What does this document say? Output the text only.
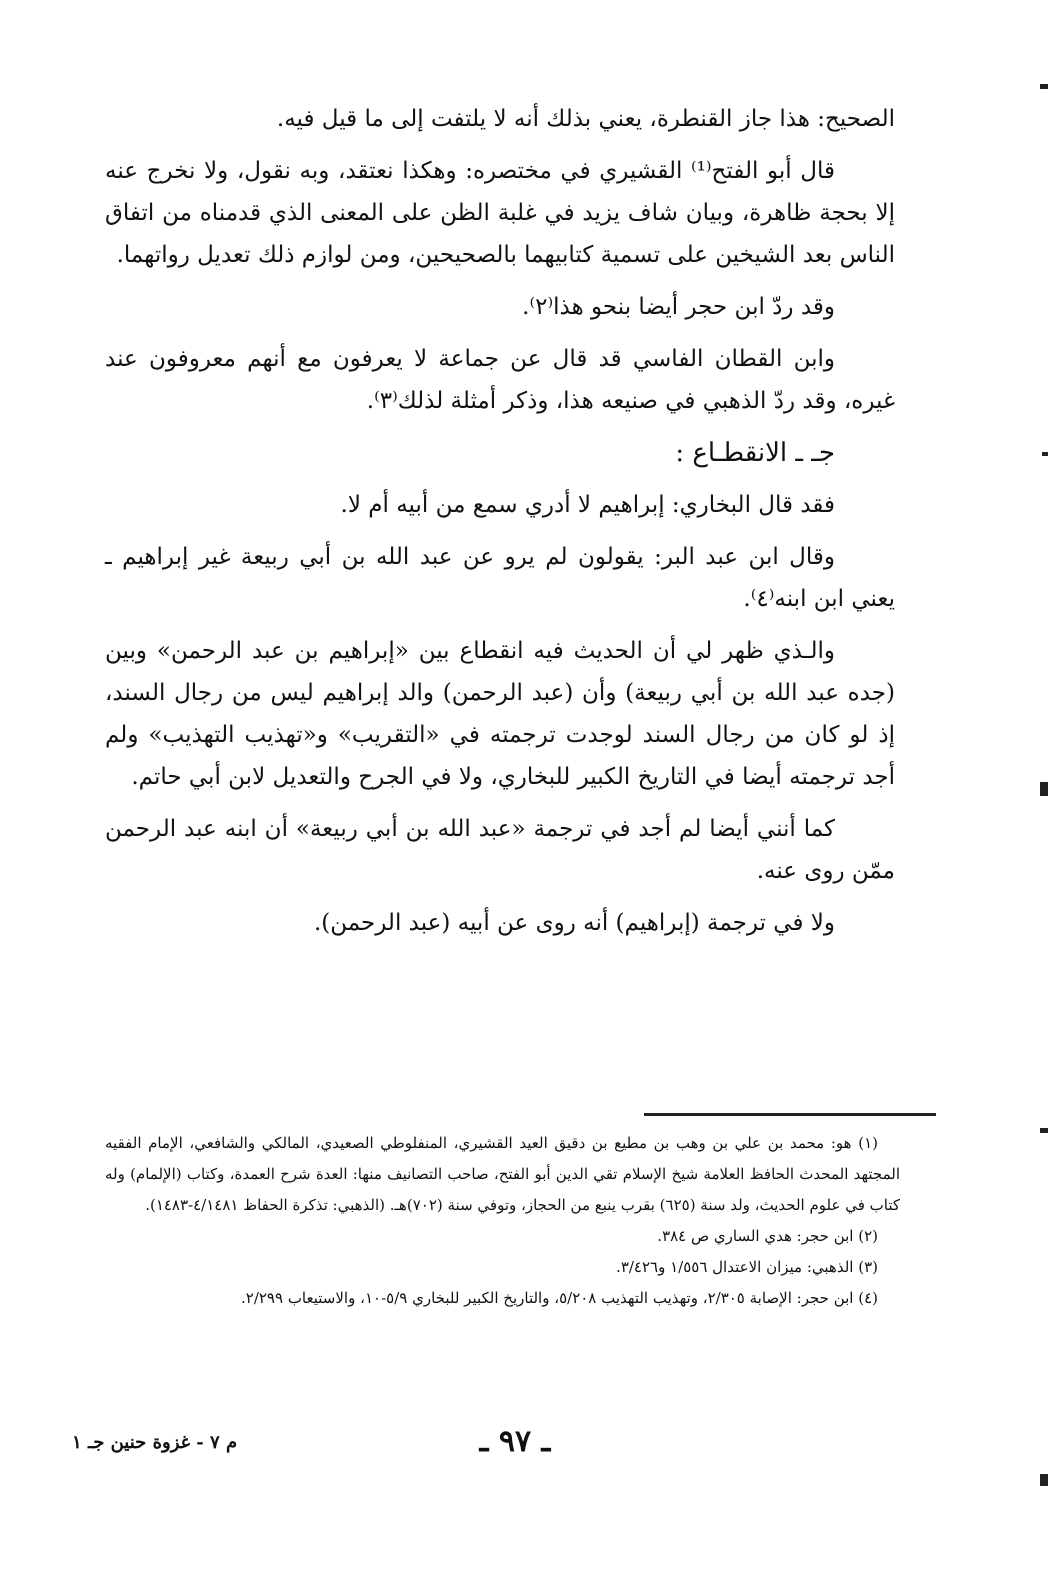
الصحيح: هذا جاز القنطرة، يعني بذلك أنه لا يلتفت إلى ما قيل فيه.

قال أبو الفتح⁽¹⁾ القشيري في مختصره: وهكذا نعتقد، وبه نقول، ولا نخرج عنه إلا بحجة ظاهرة، وبيان شاف يزيد في غلبة الظن على المعنى الذي قدمناه من اتفاق الناس بعد الشيخين على تسمية كتابيهما بالصحيحين، ومن لوازم ذلك تعديل رواتهما.

وقد ردّ ابن حجر أيضا بنحو هذا⁽٢⁾.

وابن القطان الفاسي قد قال عن جماعة لا يعرفون مع أنهم معروفون عند غيره، وقد ردّ الذهبي في صنيعه هذا، وذكر أمثلة لذلك⁽٣⁾.

جـ ـ الانقطـاع :

فقد قال البخاري: إبراهيم لا أدري سمع من أبيه أم لا.

وقال ابن عبد البر: يقولون لم يرو عن عبد الله بن أبي ربيعة غير إبراهيم ـ يعني ابن ابنه⁽٤⁾.

والـذي ظهر لي أن الحديث فيه انقطاع بين «إبراهيم بن عبد الرحمن» وبين (جده عبد الله بن أبي ربيعة) وأن (عبد الرحمن) والد إبراهيم ليس من رجال السند، إذ لو كان من رجال السند لوجدت ترجمته في «التقريب» و«تهذيب التهذيب» ولم أجد ترجمته أيضا في التاريخ الكبير للبخاري، ولا في الجرح والتعديل لابن أبي حاتم.

كما أنني أيضا لم أجد في ترجمة «عبد الله بن أبي ربيعة» أن ابنه عبد الرحمن ممّن روى عنه.

ولا في ترجمة (إبراهيم) أنه روى عن أبيه (عبد الرحمن).

(١) هو: محمد بن علي بن وهب بن مطيع بن دقيق العيد القشيري، المنفلوطي الصعيدي، المالكي والشافعي، الإمام الفقيه المجتهد المحدث الحافظ العلامة شيخ الإسلام تقي الدين أبو الفتح، صاحب التصانيف منها: العدة شرح العمدة، وكتاب (الإلمام) وله كتاب في علوم الحديث، ولد سنة (٦٢٥) بقرب ينبع من الحجاز، وتوفي سنة (٧٠٢)هـ. (الذهبي: تذكرة الحفاظ ٤/١٤٨١-١٤٨٣).

(٢) ابن حجر: هدي الساري ص ٣٨٤.

(٣) الذهبي: ميزان الاعتدال ١/٥٥٦ و٣/٤٢٦.

(٤) ابن حجر: الإصابة ٢/٣٠٥، وتهذيب التهذيب ٥/٢٠٨، والتاريخ الكبير للبخاري ٥/٩-١٠، والاستيعاب ٢/٢٩٩.

ـ ٩٧ ـ
م ٧ - غزوة حنين جـ ١
